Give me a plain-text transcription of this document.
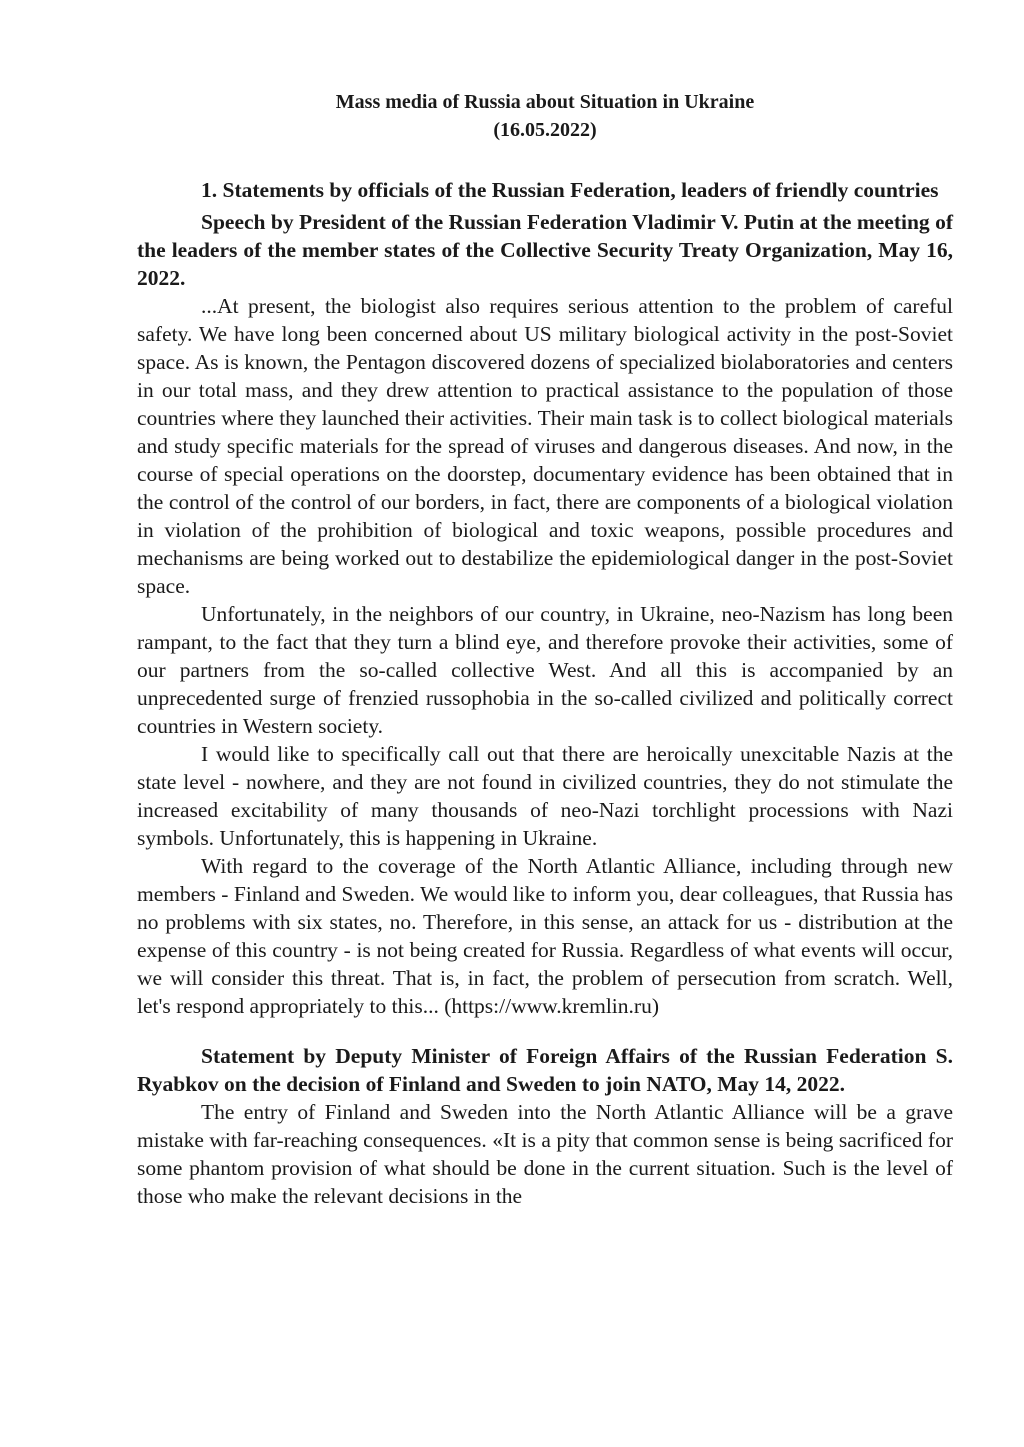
Mass media of Russia about Situation in Ukraine

(16.05.2022)

1. Statements by officials of the Russian Federation, leaders of friendly countries

Speech by President of the Russian Federation Vladimir V. Putin at the meeting of the leaders of the member states of the Collective Security Treaty Organization, May 16, 2022.

...At present, the biologist also requires serious attention to the problem of careful safety. We have long been concerned about US military biological activity in the post-Soviet space. As is known, the Pentagon discovered dozens of specialized biolaboratories and centers in our total mass, and they drew attention to practical assistance to the population of those countries where they launched their activities. Their main task is to collect biological materials and study specific materials for the spread of viruses and dangerous diseases. And now, in the course of special operations on the doorstep, documentary evidence has been obtained that in the control of the control of our borders, in fact, there are components of a biological violation in violation of the prohibition of biological and toxic weapons, possible procedures and mechanisms are being worked out to destabilize the epidemiological danger in the post-Soviet space.

Unfortunately, in the neighbors of our country, in Ukraine, neo-Nazism has long been rampant, to the fact that they turn a blind eye, and therefore provoke their activities, some of our partners from the so-called collective West. And all this is accompanied by an unprecedented surge of frenzied russophobia in the so-called civilized and politically correct countries in Western society.

I would like to specifically call out that there are heroically unexcitable Nazis at the state level - nowhere, and they are not found in civilized countries, they do not stimulate the increased excitability of many thousands of neo-Nazi torchlight processions with Nazi symbols. Unfortunately, this is happening in Ukraine.

With regard to the coverage of the North Atlantic Alliance, including through new members - Finland and Sweden. We would like to inform you, dear colleagues, that Russia has no problems with six states, no. Therefore, in this sense, an attack for us - distribution at the expense of this country - is not being created for Russia. Regardless of what events will occur, we will consider this threat. That is, in fact, the problem of persecution from scratch. Well, let's respond appropriately to this... (https://www.kremlin.ru)

Statement by Deputy Minister of Foreign Affairs of the Russian Federation S. Ryabkov on the decision of Finland and Sweden to join NATO, May 14, 2022.

The entry of Finland and Sweden into the North Atlantic Alliance will be a grave mistake with far-reaching consequences. «It is a pity that common sense is being sacrificed for some phantom provision of what should be done in the current situation. Such is the level of those who make the relevant decisions in the
